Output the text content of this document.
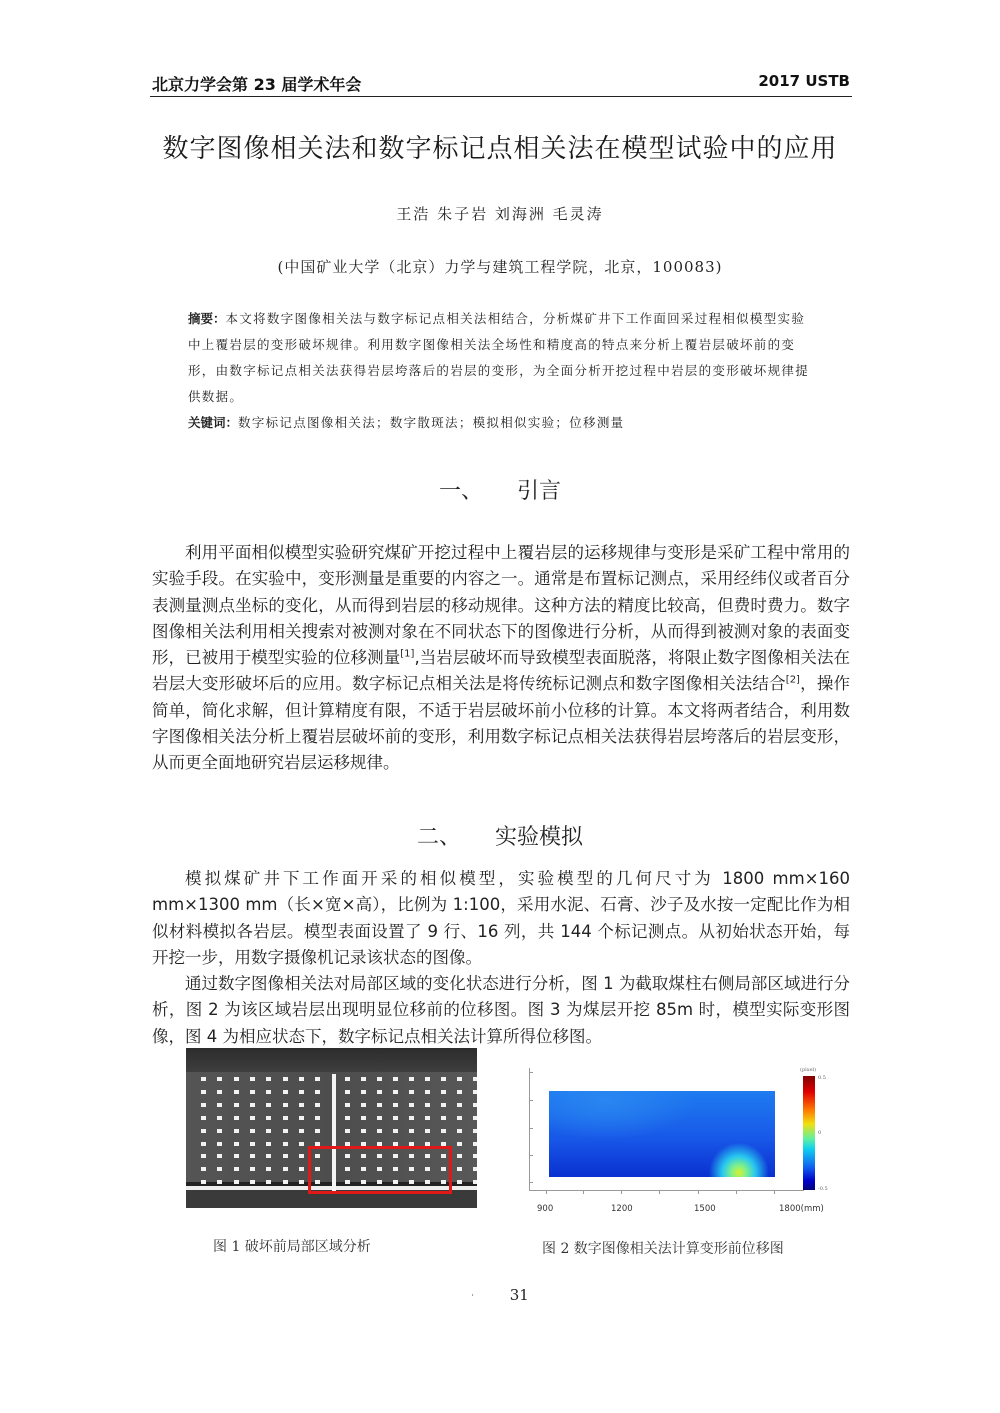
北京力学会第 23 届学术年会	2017 USTB
数字图像相关法和数字标记点相关法在模型试验中的应用
王浩 朱子岩 刘海洲 毛灵涛
(中国矿业大学（北京）力学与建筑工程学院，北京，100083)
摘要：本文将数字图像相关法与数字标记点相关法相结合，分析煤矿井下工作面回采过程相似模型实验中上覆岩层的变形破坏规律。利用数字图像相关法全场性和精度高的特点来分析上覆岩层破坏前的变形，由数字标记点相关法获得岩层垮落后的岩层的变形，为全面分析开挖过程中岩层的变形破坏规律提供数据。
关键词：数字标记点图像相关法；数字散斑法；模拟相似实验；位移测量
一、 引言

利用平面相似模型实验研究煤矿开挖过程中上覆岩层的运移规律与变形是采矿工程中常用的实验手段。在实验中，变形测量是重要的内容之一。通常是布置标记测点，采用经纬仪或者百分表测量测点坐标的变化，从而得到岩层的移动规律。这种方法的精度比较高，但费时费力。数字图像相关法利用相关搜索对被测对象在不同状态下的图像进行分析，从而得到被测对象的表面变形，已被用于模型实验的位移测量[1],当岩层破坏而导致模型表面脱落，将限止数字图像相关法在岩层大变形破坏后的应用。数字标记点相关法是将传统标记测点和数字图像相关法结合[2]，操作简单，简化求解，但计算精度有限，不适于岩层破坏前小位移的计算。本文将两者结合，利用数字图像相关法分析上覆岩层破坏前的变形，利用数字标记点相关法获得岩层垮落后的岩层变形，从而更全面地研究岩层运移规律。

二、 实验模拟

模拟煤矿井下工作面开采的相似模型，实验模型的几何尺寸为 1800 mm×160 mm×1300 mm（长×宽×高），比例为 1:100，采用水泥、石膏、沙子及水按一定配比作为相似材料模拟各岩层。模型表面设置了 9 行、16 列，共 144 个标记测点。从初始状态开始，每开挖一步，用数字摄像机记录该状态的图像。

通过数字图像相关法对局部区域的变化状态进行分析，图 1 为截取煤柱右侧局部区域进行分析，图 2 为该区域岩层出现明显位移前的位移图。图 3 为煤层开挖 85m 时，模型实际变形图像，图 4 为相应状态下，数字标记点相关法计算所得位移图。

图 1 破坏前局部区域分析
900	1200	1500	1800(mm)
(pixel)
0.5
0
-0.5
图 2 数字图像相关法计算变形前位移图
‘ 31
